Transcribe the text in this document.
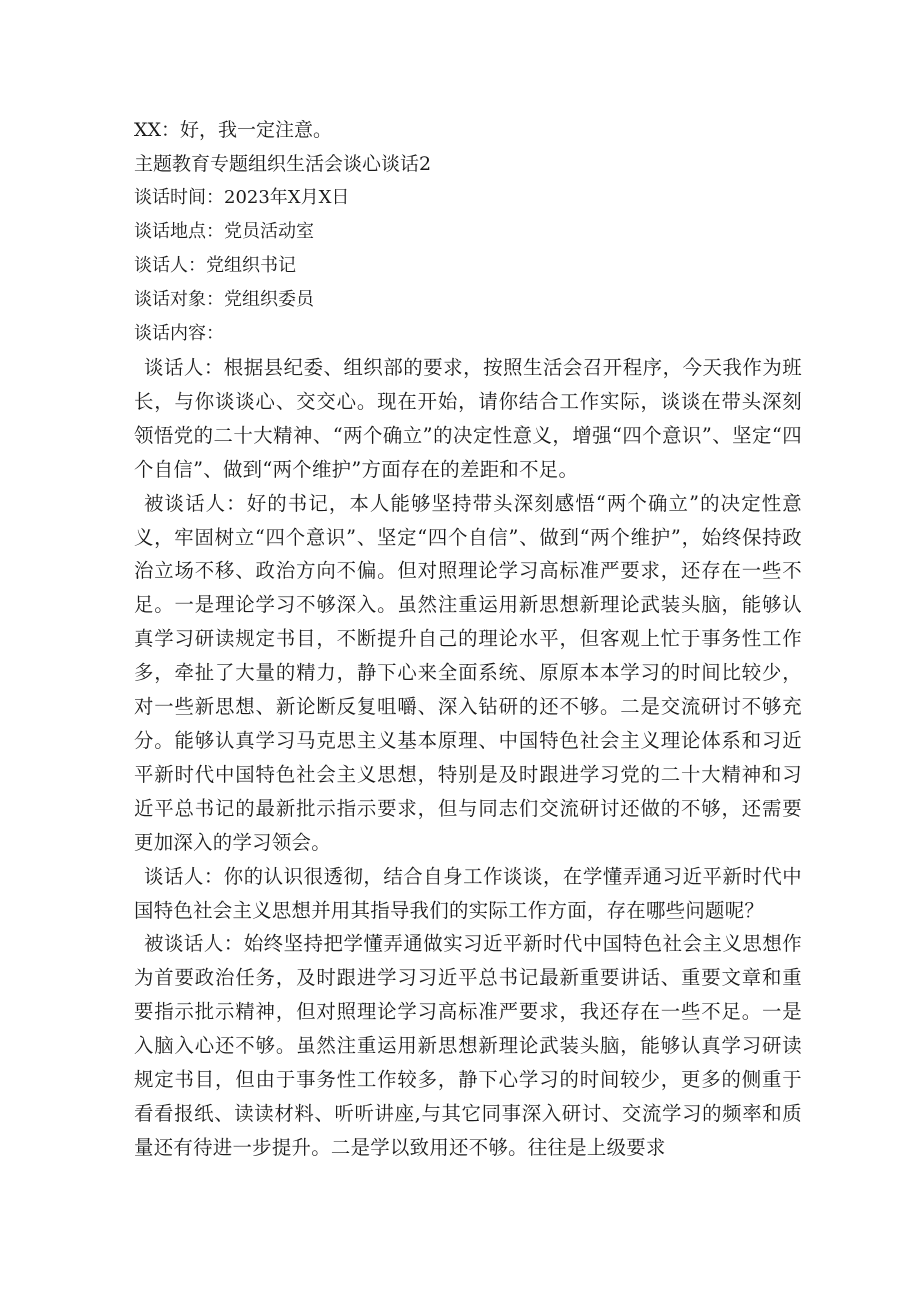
XX：好，我一定注意。

主题教育专题组织生活会谈心谈话2

谈话时间：2023年X月X日

谈话地点：党员活动室

谈话人：党组织书记

谈话对象：党组织委员

谈话内容：

谈话人：根据县纪委、组织部的要求，按照生活会召开程序，今天我作为班长，与你谈谈心、交交心。现在开始，请你结合工作实际，谈谈在带头深刻领悟党的二十大精神、“两个确立”的决定性意义，增强“四个意识”、坚定“四个自信”、做到“两个维护”方面存在的差距和不足。

被谈话人：好的书记，本人能够坚持带头深刻感悟“两个确立”的决定性意义，牢固树立“四个意识”、坚定“四个自信”、做到“两个维护”，始终保持政治立场不移、政治方向不偏。但对照理论学习高标准严要求，还存在一些不足。一是理论学习不够深入。虽然注重运用新思想新理论武装头脑，能够认真学习研读规定书目，不断提升自己的理论水平，但客观上忙于事务性工作多，牵扯了大量的精力，静下心来全面系统、原原本本学习的时间比较少，对一些新思想、新论断反复咀嚼、深入钻研的还不够。二是交流研讨不够充分。能够认真学习马克思主义基本原理、中国特色社会主义理论体系和习近平新时代中国特色社会主义思想，特别是及时跟进学习党的二十大精神和习近平总书记的最新批示指示要求，但与同志们交流研讨还做的不够，还需要更加深入的学习领会。

谈话人：你的认识很透彻，结合自身工作谈谈，在学懂弄通习近平新时代中国特色社会主义思想并用其指导我们的实际工作方面，存在哪些问题呢？

被谈话人：始终坚持把学懂弄通做实习近平新时代中国特色社会主义思想作为首要政治任务，及时跟进学习习近平总书记最新重要讲话、重要文章和重要指示批示精神，但对照理论学习高标准严要求，我还存在一些不足。一是入脑入心还不够。虽然注重运用新思想新理论武装头脑，能够认真学习研读规定书目，但由于事务性工作较多，静下心学习的时间较少，更多的侧重于看看报纸、读读材料、听听讲座,与其它同事深入研讨、交流学习的频率和质量还有待进一步提升。二是学以致用还不够。往往是上级要求
